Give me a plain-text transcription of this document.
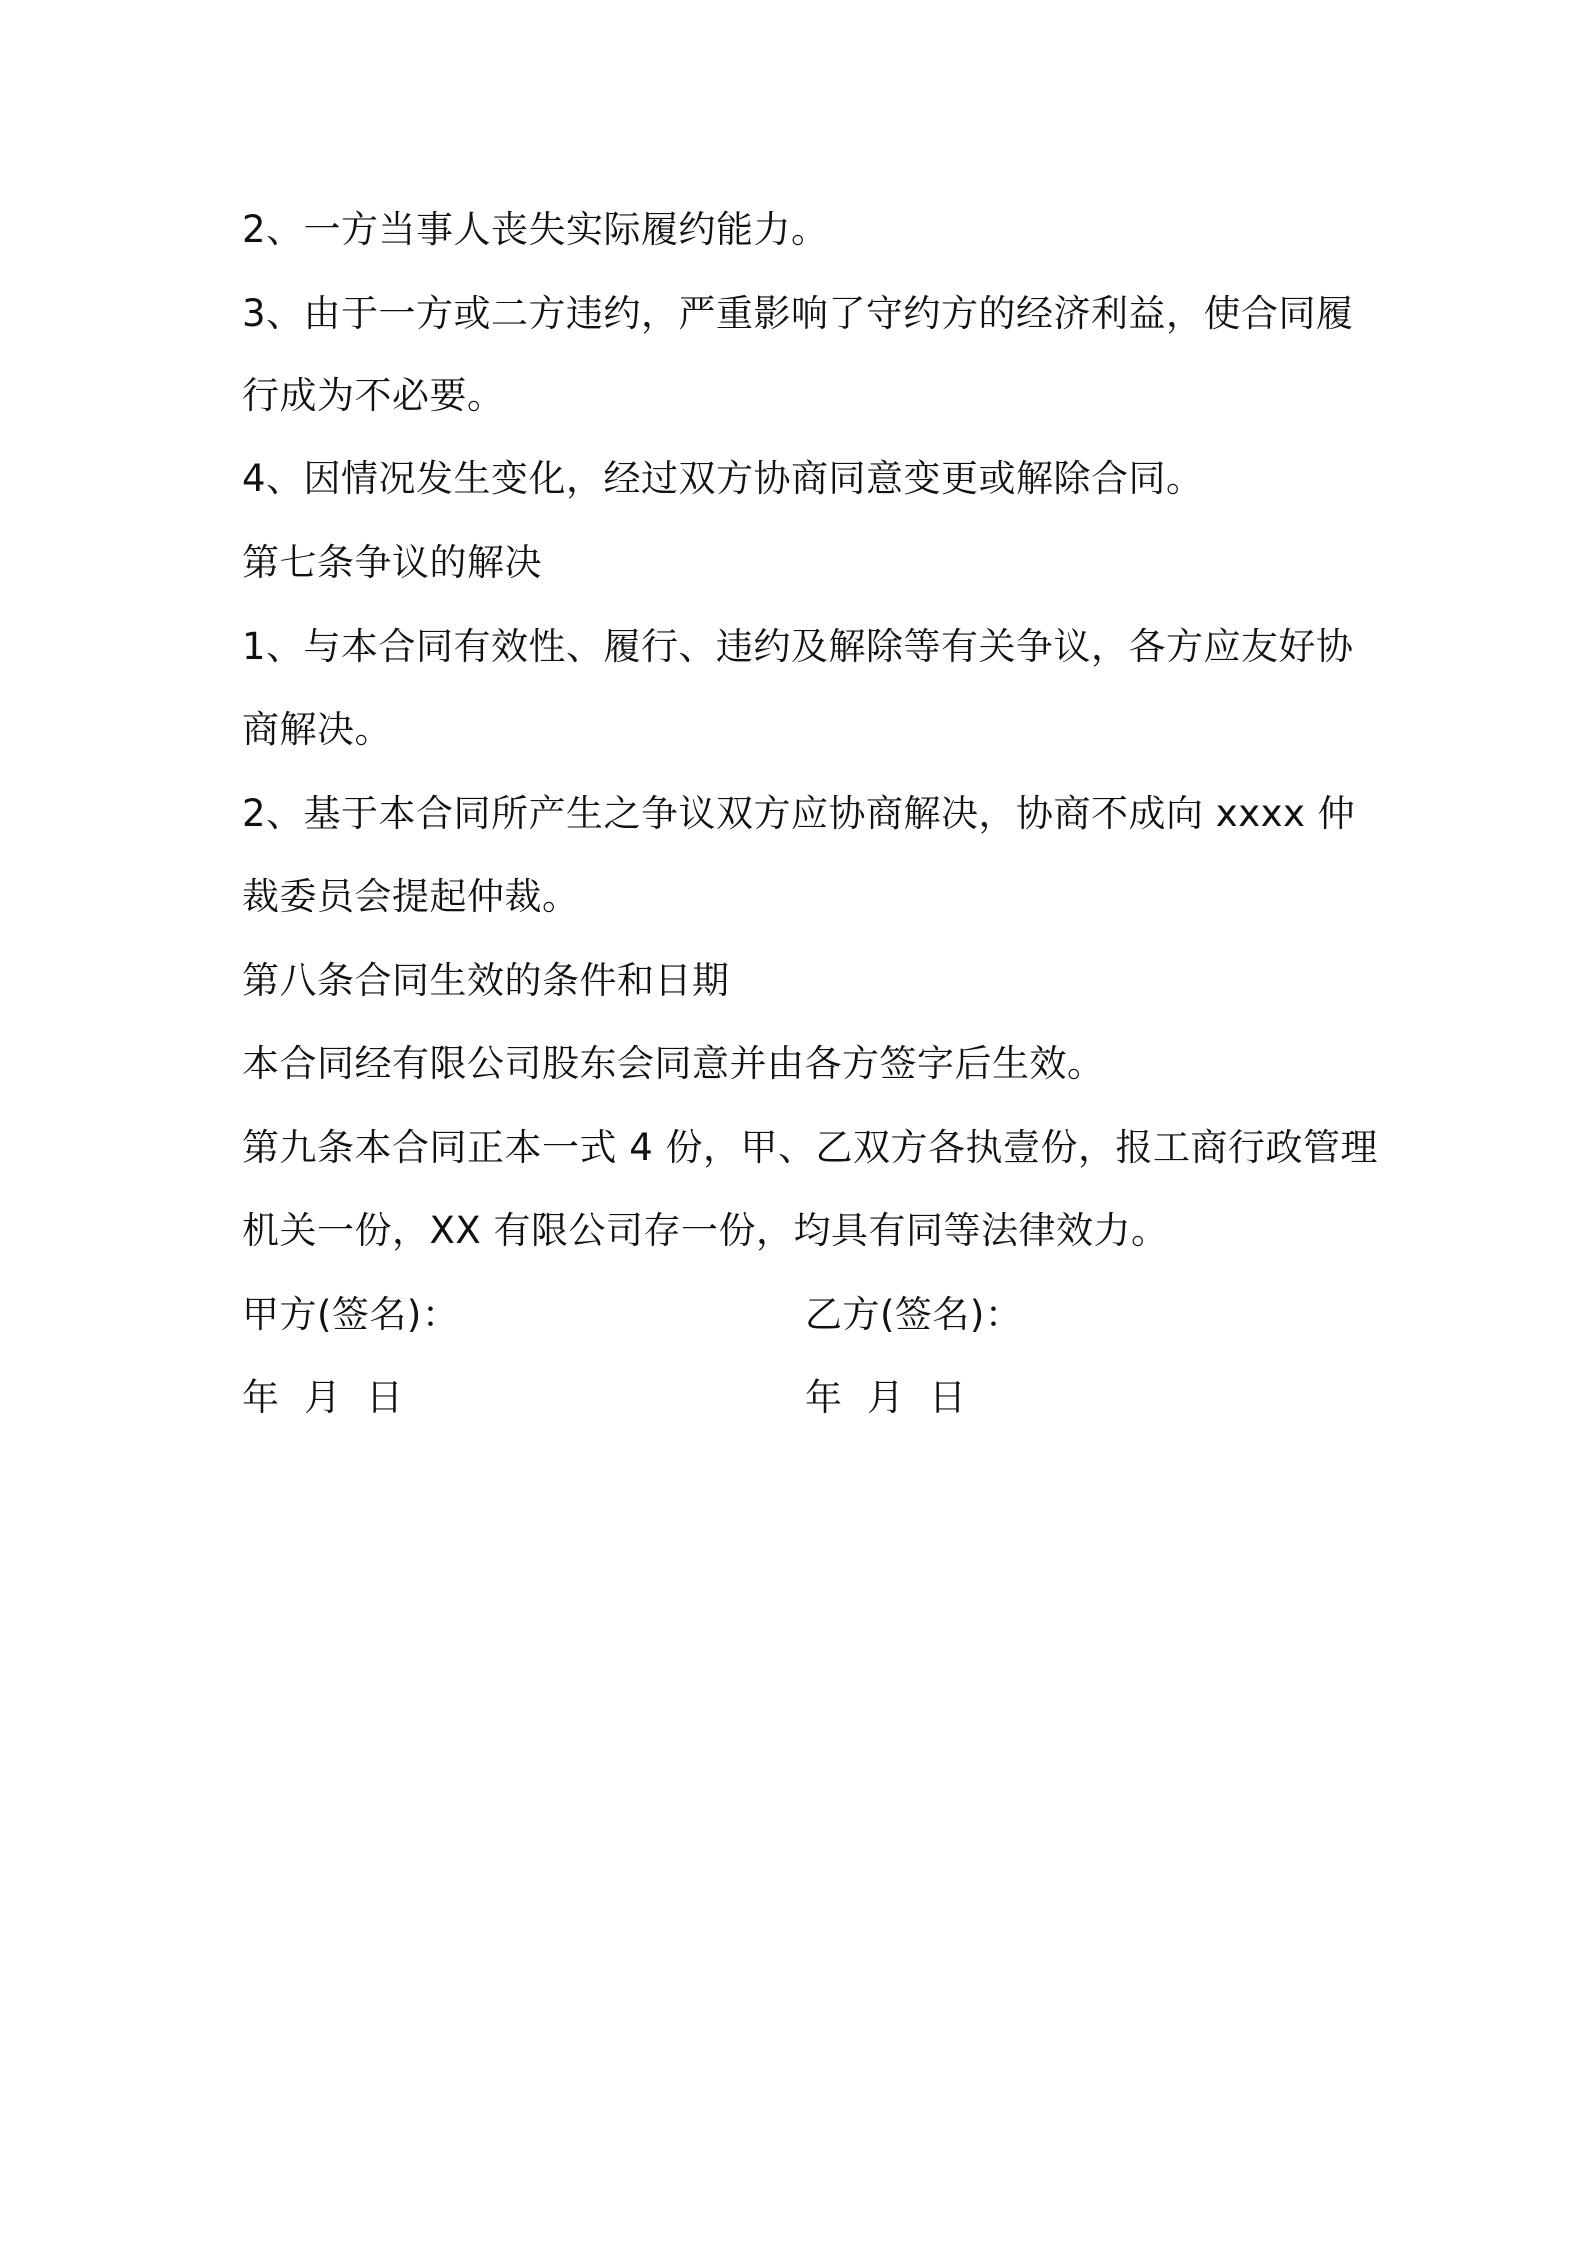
2、一方当事人丧失实际履约能力。
3、由于一方或二方违约，严重影响了守约方的经济利益，使合同履
行成为不必要。
4、因情况发生变化，经过双方协商同意变更或解除合同。
第七条争议的解决
1、与本合同有效性、履行、违约及解除等有关争议，各方应友好协
商解决。
2、基于本合同所产生之争议双方应协商解决，协商不成向 xxxx 仲
裁委员会提起仲裁。
第八条合同生效的条件和日期
本合同经有限公司股东会同意并由各方签字后生效。
第九条本合同正本一式 4 份，甲、乙双方各执壹份，报工商行政管理
机关一份，XX 有限公司存一份，均具有同等法律效力。
甲方(签名)：	乙方(签名)：
年  月  日	年  月  日
